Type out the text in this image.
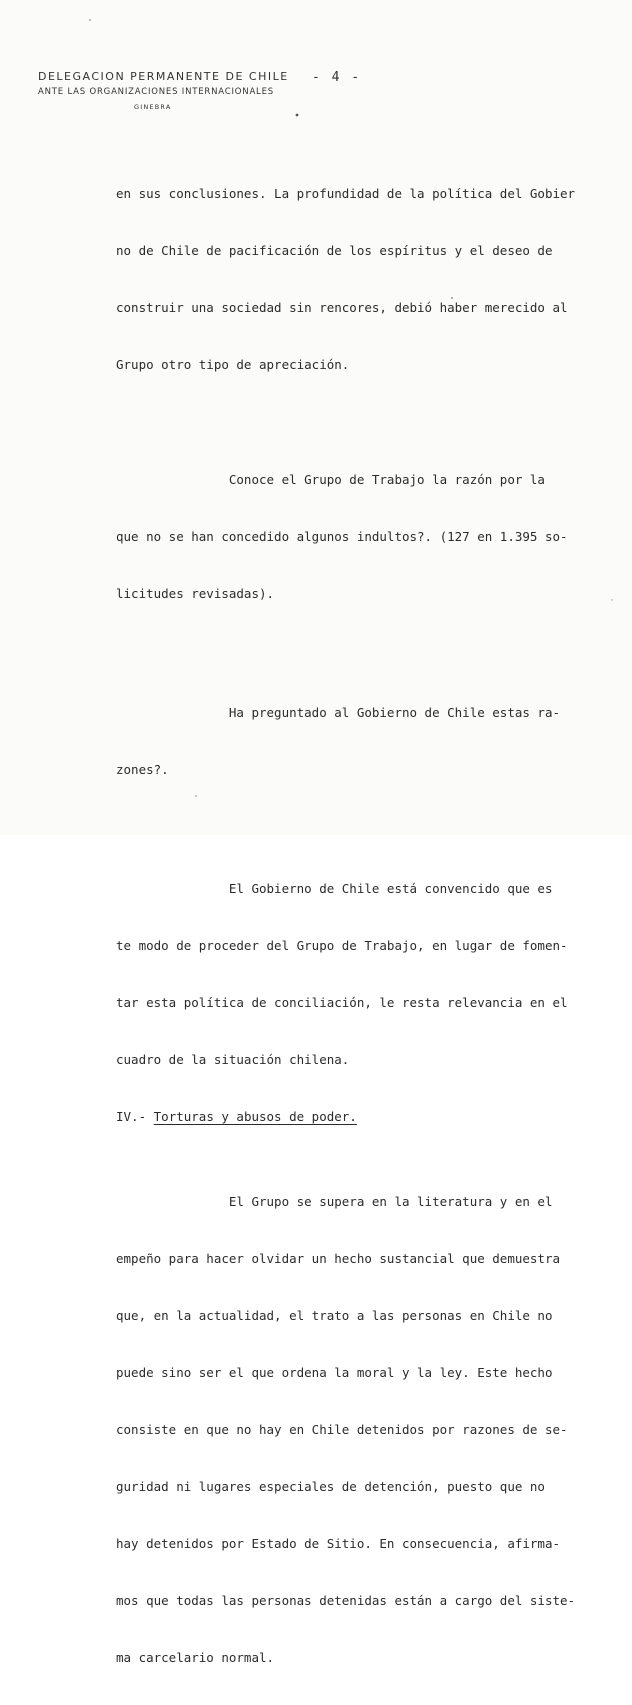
DELEGACION PERMANENTE DE CHILE
ANTE LAS ORGANIZACIONES INTERNACIONALES
GINEBRA
- 4 -

en sus conclusiones. La profundidad de la política del Gobier

no de Chile de pacificación de los espíritus y el deseo de

construir una sociedad sin rencores, debió haber merecido al

Grupo otro tipo de apreciación.

Conoce el Grupo de Trabajo la razón por la

que no se han concedido algunos indultos?. (127 en 1.395 so-

licitudes revisadas).

Ha preguntado al Gobierno de Chile estas ra-

zones?.

El Gobierno de Chile está convencido que es

te modo de proceder del Grupo de Trabajo, en lugar de fomen-

tar esta política de conciliación, le resta relevancia en el

cuadro de la situación chilena.

IV.- Torturas y abusos de poder.

El Grupo se supera en la literatura y en el

empeño para hacer olvidar un hecho sustancial que demuestra

que, en la actualidad, el trato a las personas en Chile no

puede sino ser el que ordena la moral y la ley. Este hecho

consiste en que no hay en Chile detenidos por razones de se-

guridad ni lugares especiales de detención, puesto que no

hay detenidos por Estado de Sitio. En consecuencia, afirma-

mos que todas las personas detenidas están a cargo del siste-

ma carcelario normal.
